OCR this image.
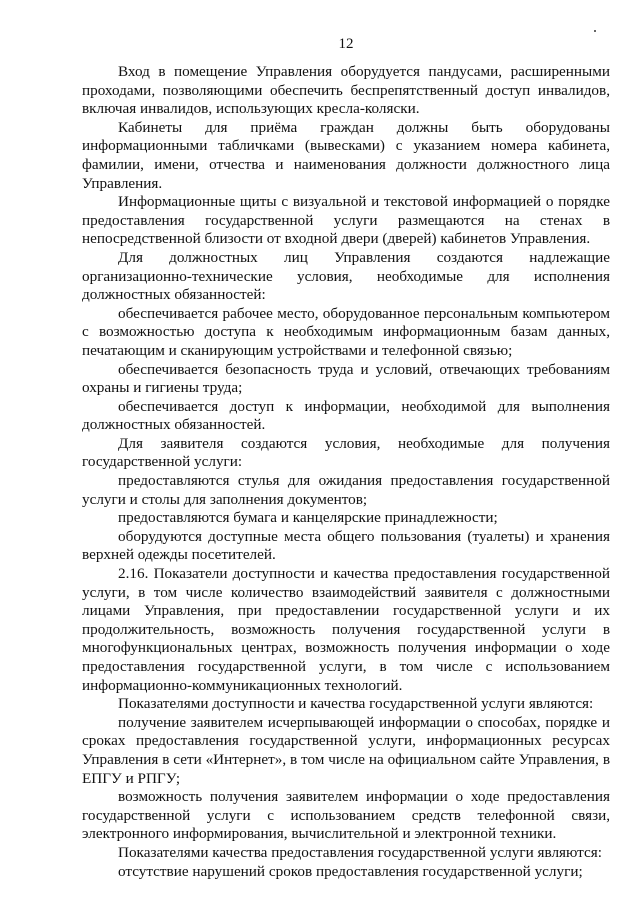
12

Вход в помещение Управления оборудуется пандусами, расширенными проходами, позволяющими обеспечить беспрепятственный доступ инвалидов, включая инвалидов, использующих кресла-коляски.

Кабинеты для приёма граждан должны быть оборудованы информационными табличками (вывесками) с указанием номера кабинета, фамилии, имени, отчества и наименования должности должностного лица Управления.

Информационные щиты с визуальной и текстовой информацией о порядке предоставления государственной услуги размещаются на стенах в непосредственной близости от входной двери (дверей) кабинетов Управления.

Для должностных лиц Управления создаются надлежащие организационно-технические условия, необходимые для исполнения должностных обязанностей:

обеспечивается рабочее место, оборудованное персональным компьютером с возможностью доступа к необходимым информационным базам данных, печатающим и сканирующим устройствами и телефонной связью;

обеспечивается безопасность труда и условий, отвечающих требованиям охраны и гигиены труда;

обеспечивается доступ к информации, необходимой для выполнения должностных обязанностей.

Для заявителя создаются условия, необходимые для получения государственной услуги:

предоставляются стулья для ожидания предоставления государственной услуги и столы для заполнения документов;

предоставляются бумага и канцелярские принадлежности;

оборудуются доступные места общего пользования (туалеты) и хранения верхней одежды посетителей.

2.16. Показатели доступности и качества предоставления государственной услуги, в том числе количество взаимодействий заявителя с должностными лицами Управления, при предоставлении государственной услуги и их продолжительность, возможность получения государственной услуги в многофункциональных центрах, возможность получения информации о ходе предоставления государственной услуги, в том числе с использованием информационно-коммуникационных технологий.

Показателями доступности и качества государственной услуги являются:

получение заявителем исчерпывающей информации о способах, порядке и сроках предоставления государственной услуги, информационных ресурсах Управления в сети «Интернет», в том числе на официальном сайте Управления, в ЕПГУ и РПГУ;

возможность получения заявителем информации о ходе предоставления государственной услуги с использованием средств телефонной связи, электронного информирования, вычислительной и электронной техники.

Показателями качества предоставления государственной услуги являются:

отсутствие нарушений сроков предоставления государственной услуги;
